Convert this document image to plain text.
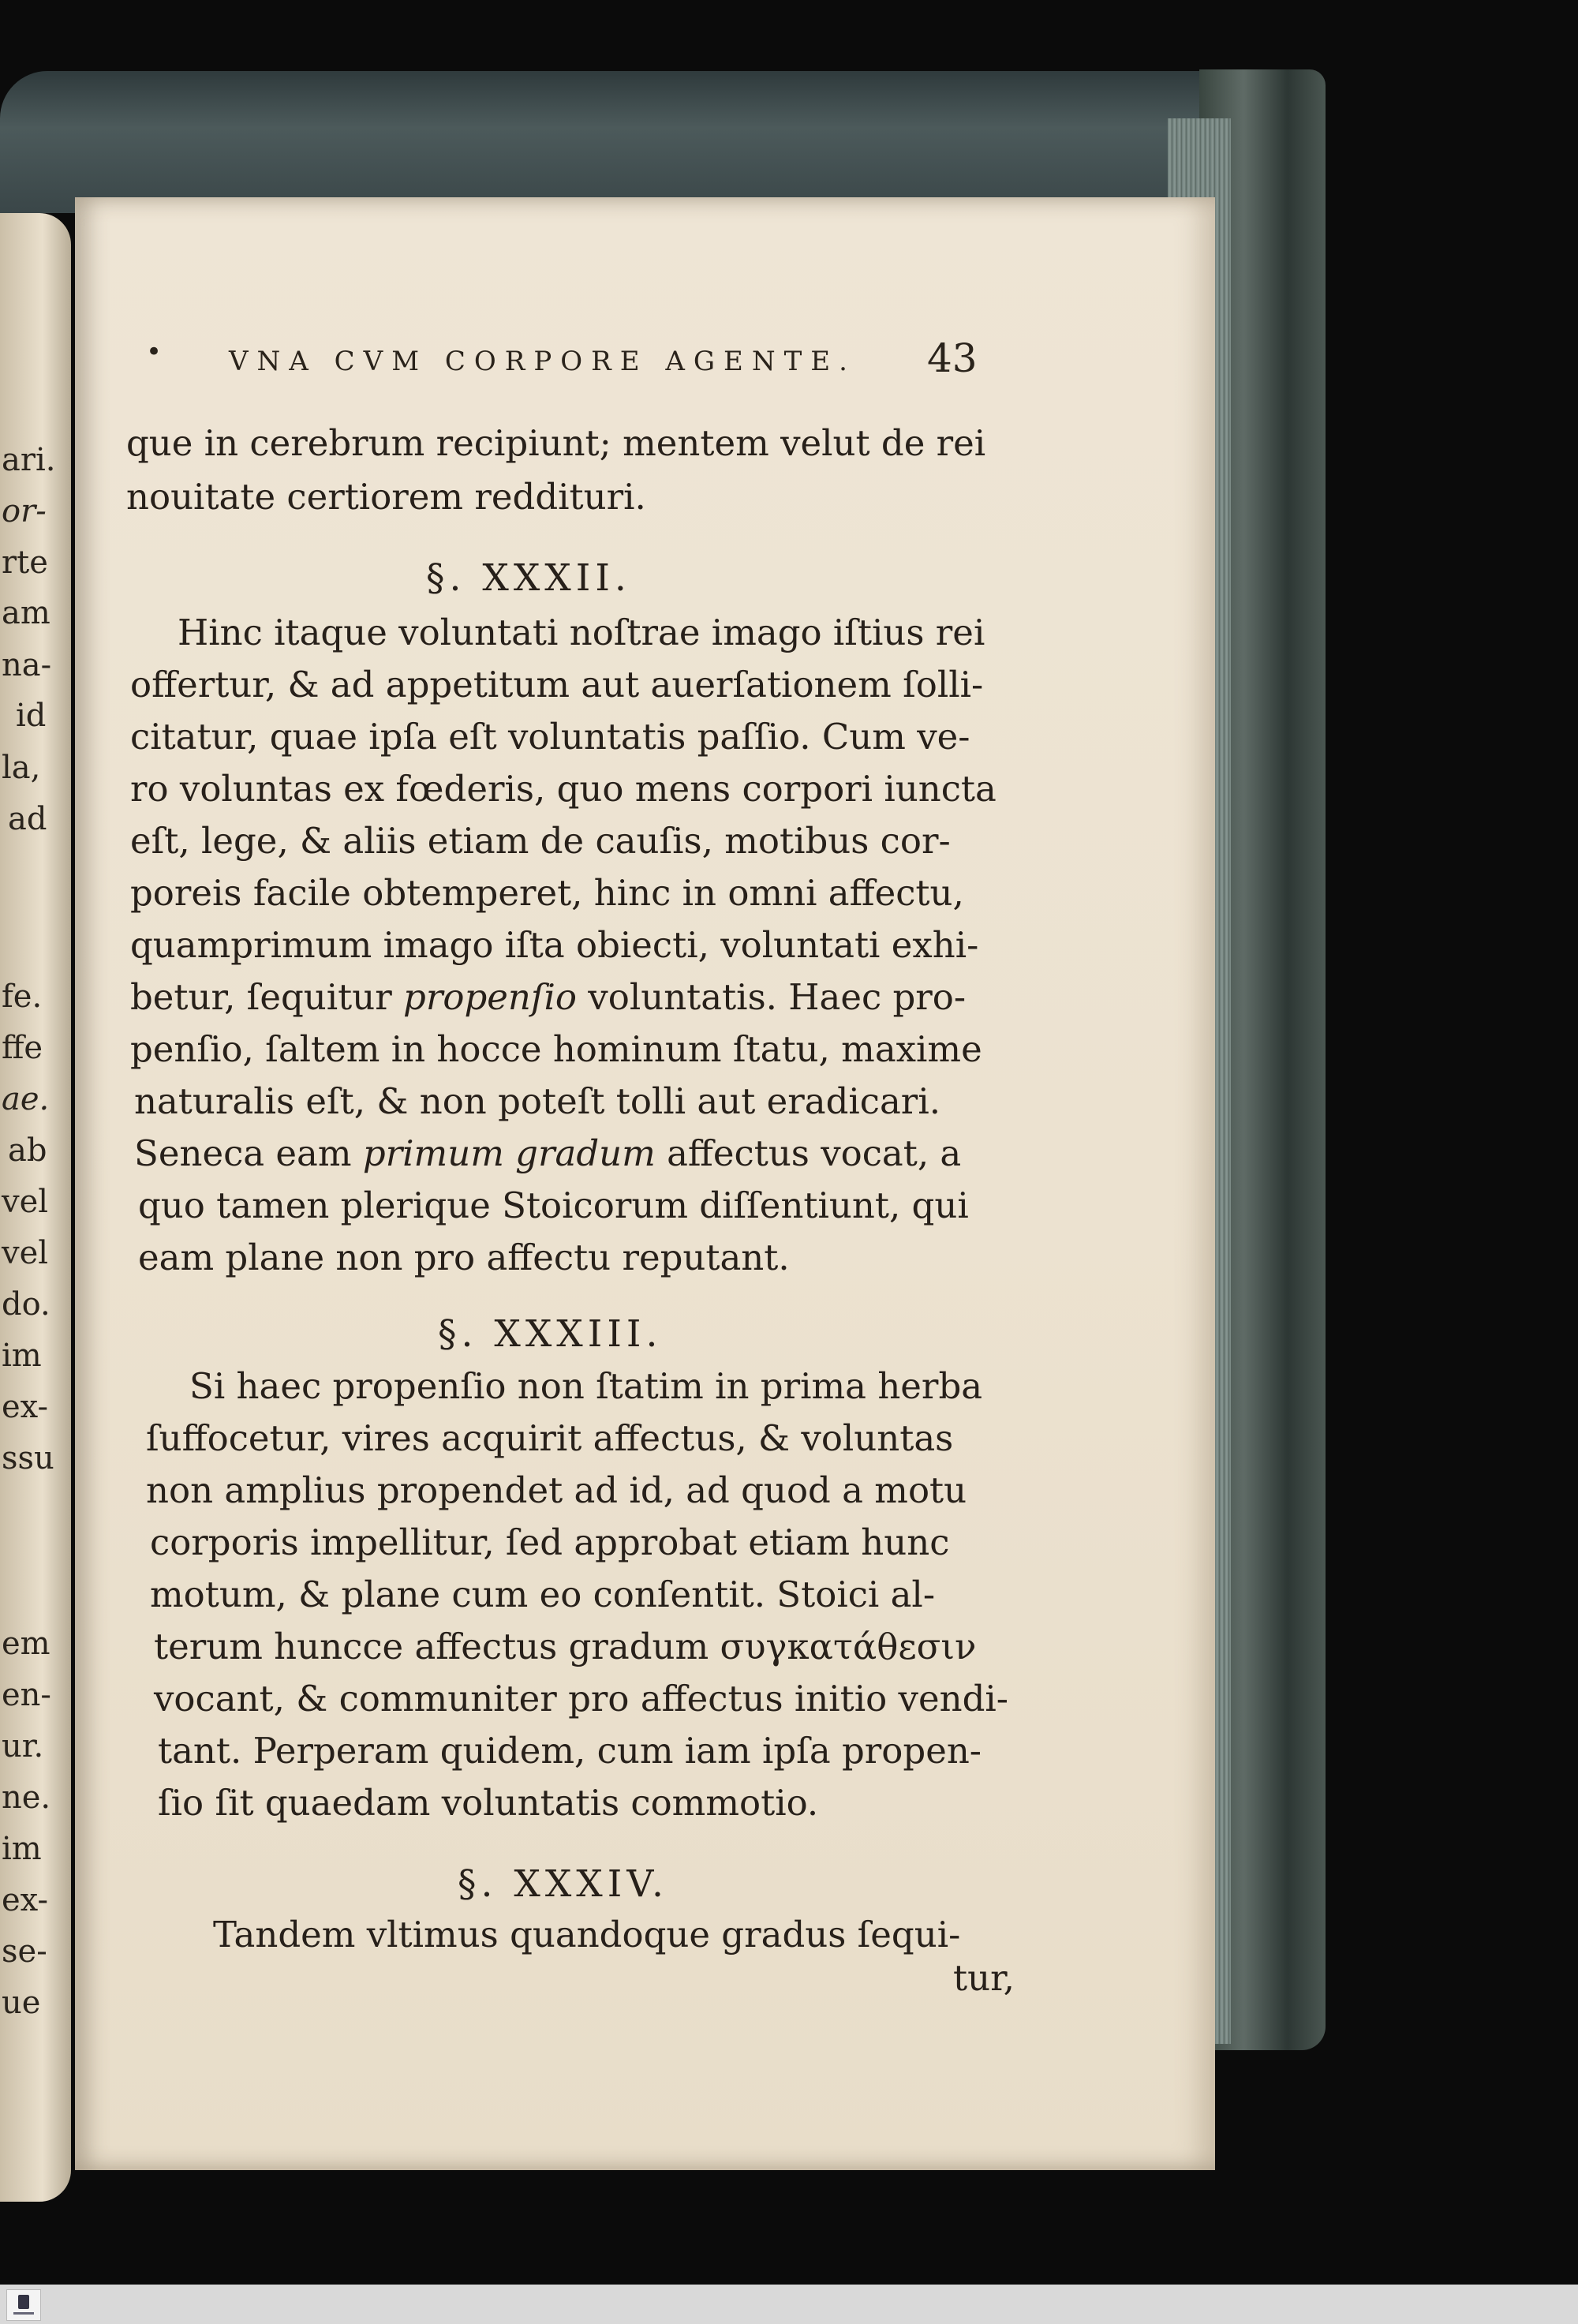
ari.
or-
rte
am
na-
id
la,
ad
fe.
ffe
ae.
ab
vel
vel
do.
im
ex-
ssu
em
en-
ur.
ne.
im
ex-
se-
ue
• VNA CVM CORPORE AGENTE. 43
que in cerebrum recipiunt; mentem velut de rei
nouitate certiorem reddituri.
§. XXXII.
Hinc itaque voluntati noſtrae imago iſtius rei
offertur, & ad appetitum aut auerſationem ſolli-
citatur, quae ipſa eſt voluntatis paſſio. Cum ve-
ro voluntas ex fœderis, quo mens corpori iuncta
eſt, lege, & aliis etiam de cauſis, motibus cor-
poreis facile obtemperet, hinc in omni affectu,
quamprimum imago iſta obiecti, voluntati exhi-
betur, ſequitur propenſio voluntatis. Haec pro-
penſio, ſaltem in hocce hominum ſtatu, maxime
naturalis eſt, & non poteſt tolli aut eradicari.
Seneca eam primum gradum affectus vocat, a
quo tamen plerique Stoicorum diſſentiunt, qui
eam plane non pro affectu reputant.
§. XXXIII.
Si haec propenſio non ſtatim in prima herba
ſuffocetur, vires acquirit affectus, & voluntas
non amplius propendet ad id, ad quod a motu
corporis impellitur, ſed approbat etiam hunc
motum, & plane cum eo conſentit. Stoici al-
terum huncce affectus gradum συγκατάθεσιν
vocant, & communiter pro affectus initio vendi-
tant. Perperam quidem, cum iam ipſa propen-
ſio ſit quaedam voluntatis commotio.
§. XXXIV.
Tandem vltimus quandoque gradus ſequi-
tur,
